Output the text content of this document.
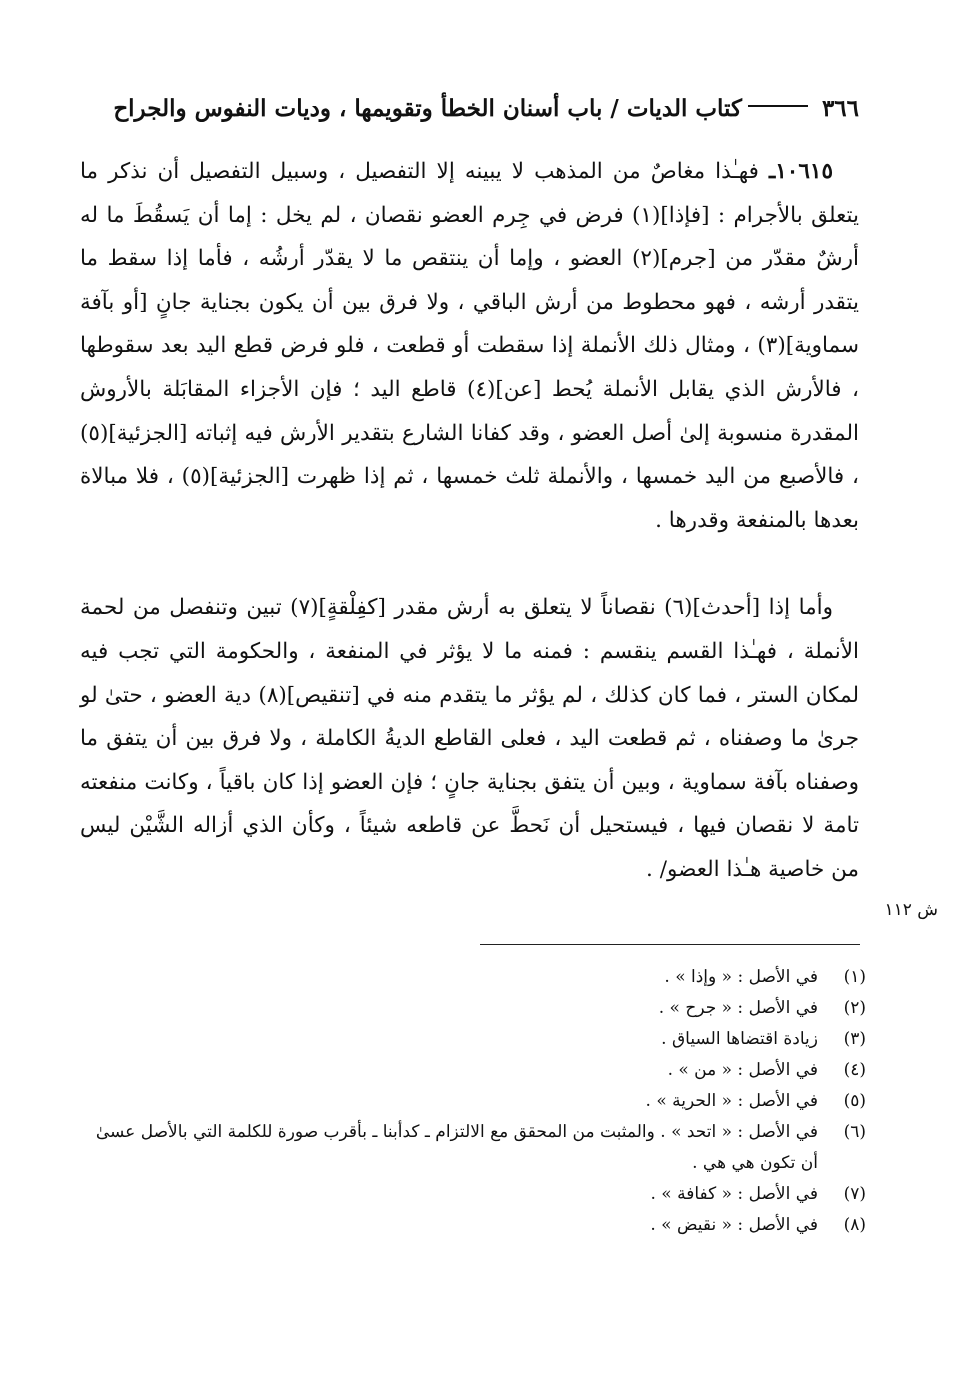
٣٦٦
كتاب الديات / باب أسنان الخطأ وتقويمها ، وديات النفوس والجراح

١٠٦١٥ـ فهـٰذا مغاصٌ من المذهب لا يبينه إلا التفصيل ، وسبيل التفصيل أن نذكر ما يتعلق بالأجرام : [فإذا](١) فرض في جِرم العضو نقصان ، لم يخل : إما أن يَسقُطَ ما له أرشٌ مقدّر من [جرم](٢) العضو ، وإما أن ينتقص ما لا يقدّر أرشُه ، فأما إذا سقط ما يتقدر أرشه ، فهو محطوط من أرش الباقي ، ولا فرق بين أن يكون بجناية جانٍ [أو بآفة سماوية](٣) ، ومثال ذلك الأنملة إذا سقطت أو قطعت ، فلو فرض قطع اليد بعد سقوطها ، فالأرش الذي يقابل الأنملة يُحط [عن](٤) قاطع اليد ؛ فإن الأجزاء المقابَلة بالأروش المقدرة منسوبة إلىٰ أصل العضو ، وقد كفانا الشارع بتقدير الأرش فيه إثباته [الجزئية](٥) ، فالأصبع من اليد خمسها ، والأنملة ثلث خمسها ، ثم إذا ظهرت [الجزئية](٥) ، فلا مبالاة بعدها بالمنفعة وقدرها .

وأما إذا [أحدث](٦) نقصاناً لا يتعلق به أرش مقدر [كفِلْقةٍ](٧) تبين وتنفصل من لحمة الأنملة ، فهـٰذا القسم ينقسم : فمنه ما لا يؤثر في المنفعة ، والحكومة التي تجب فيه لمكان الستر ، فما كان كذلك ، لم يؤثر ما يتقدم منه في [تنقيص](٨) دية العضو ، حتىٰ لو جرىٰ ما وصفناه ، ثم قطعت اليد ، فعلى القاطع الديةُ الكاملة ، ولا فرق بين أن يتفق ما وصفناه بآفة سماوية ، وبين أن يتفق بجناية جانٍ ؛ فإن العضو إذا كان باقياً ، وكانت منفعته تامة لا نقصان فيها ، فيستحيل أن نَحطَّ عن قاطعه شيئاً ، وكأن الذي أزاله الشَّيْن ليس من خاصية هـٰذا العضو/ .

ش ١١٢
(١)
في الأصل : « وإذا » .
(٢)
في الأصل : « جرح » .
(٣)
زيادة اقتضاها السياق .
(٤)
في الأصل : « من » .
(٥)
في الأصل : « الحرية » .
(٦)
في الأصل : « اتحد » . والمثبت من المحقق مع الالتزام ـ كدأبنا ـ بأقرب صورة للكلمة التي بالأصل عسىٰ أن تكون هي هي .
(٧)
في الأصل : « كفافة » .
(٨)
في الأصل : « نقيض » .
